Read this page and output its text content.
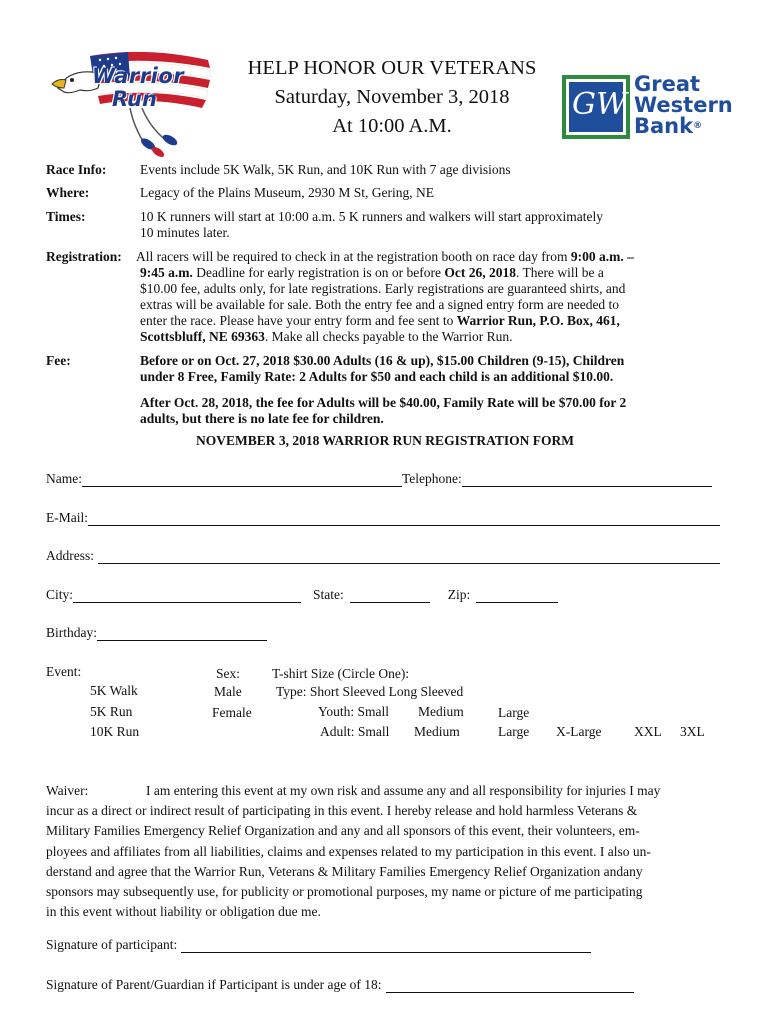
Warrior
Run
HELP HONOR OUR VETERANS
Saturday, November 3, 2018
At 10:00 A.M.
GW
Great
Western
Bank®
Race Info: Events include 5K Walk, 5K Run, and 10K Run with 7 age divisions
Where:	Legacy of the Plains Museum, 2930 M St, Gering, NE
Times:	10 K runners will start at 10:00 a.m. 5 K runners and walkers will start approximately
10 minutes later.
Registration: All racers will be required to check in at the registration booth on race day from 9:00 a.m. –
9:45 a.m. Deadline for early registration is on or before Oct 26, 2018. There will be a
$10.00 fee, adults only, for late registrations. Early registrations are guaranteed shirts, and
extras will be available for sale. Both the entry fee and a signed entry form are needed to
enter the race. Please have your entry form and fee sent to Warrior Run, P.O. Box, 461,
Scottsbluff, NE 69363. Make all checks payable to the Warrior Run.
Fee:	Before or on Oct. 27, 2018 $30.00 Adults (16 & up), $15.00 Children (9-15), Children
under 8 Free, Family Rate: 2 Adults for $50 and each child is an additional $10.00.
After Oct. 28, 2018, the fee for Adults will be $40.00, Family Rate will be $70.00 for 2
adults, but there is no late fee for children.
NOVEMBER 3, 2018 WARRIOR RUN REGISTRATION FORM
Name:	Telephone:
E-Mail:
Address:
City:	State:	Zip:
Birthday:
Event:
5K Walk
5K Run
10K Run
Sex:
Male
Female
T-shirt Size (Circle One):
Type: Short Sleeved Long Sleeved
Youth: Small Medium	Large
Adult: Small Medium	Large X-Large XXL 3XL
Waiver:	I am entering this event at my own risk and assume any and all responsibility for injuries I may
incur as a direct or indirect result of participating in this event. I hereby release and hold harmless Veterans &
Military Families Emergency Relief Organization and any and all sponsors of this event, their volunteers, em-
ployees and affiliates from all liabilities, claims and expenses related to my participation in this event. I also un-
derstand and agree that the Warrior Run, Veterans & Military Families Emergency Relief Organization andany
sponsors may subsequently use, for publicity or promotional purposes, my name or picture of me participating
in this event without liability or obligation due me.
Signature of participant:
Signature of Parent/Guardian if Participant is under age of 18:
